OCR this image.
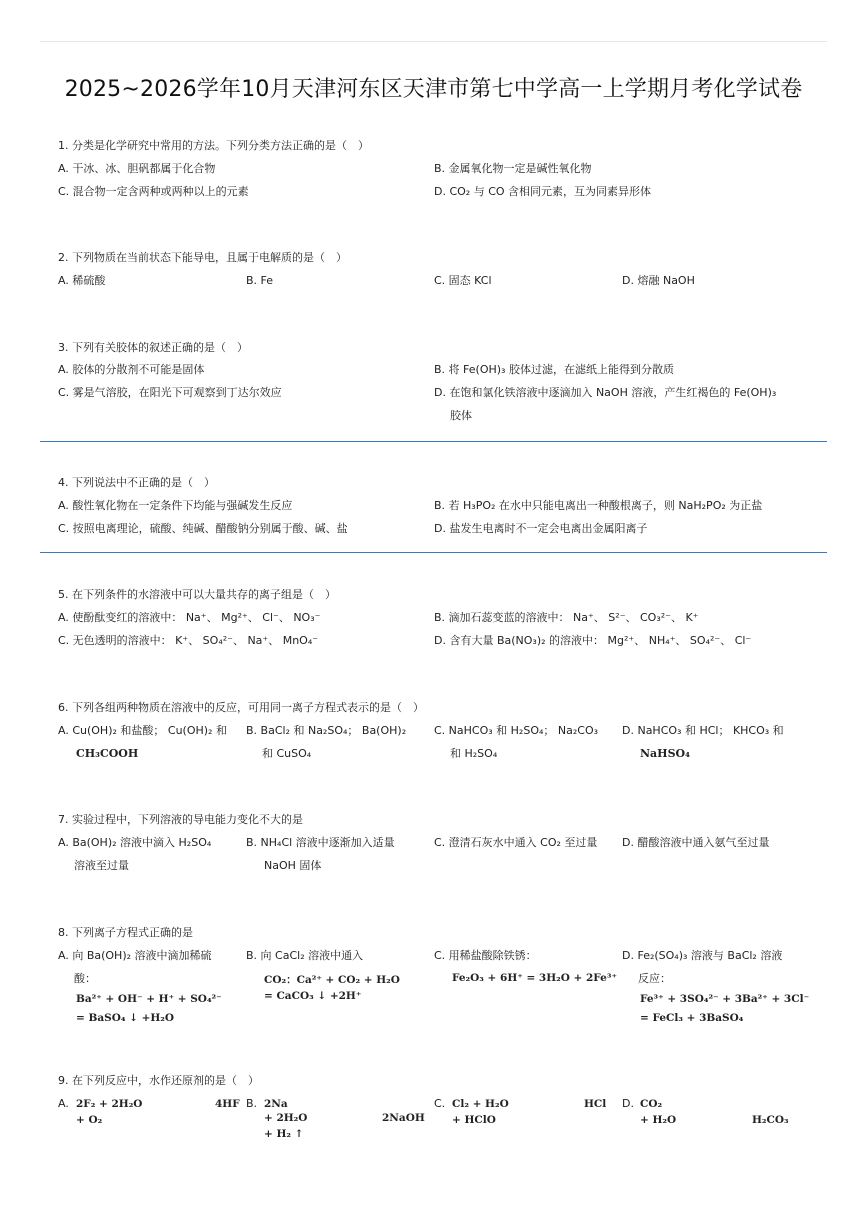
2025~2026学年10月天津河东区天津市第七中学高一上学期月考化学试卷
1. 分类是化学研究中常用的方法。下列分类方法正确的是（　）
A. 干冰、冰、胆矾都属于化合物	B. 金属氧化物一定是碱性氧化物
C. 混合物一定含两种或两种以上的元素	D. CO₂ 与 CO 含相同元素，互为同素异形体
2. 下列物质在当前状态下能导电，且属于电解质的是（　）
A. 稀硫酸	B. Fe	C. 固态 KCl	D. 熔融 NaOH
3. 下列有关胶体的叙述正确的是（　）
A. 胶体的分散剂不可能是固体	B. 将 Fe(OH)₃ 胶体过滤，在滤纸上能得到分散质
C. 雾是气溶胶，在阳光下可观察到丁达尔效应	D. 在饱和氯化铁溶液中逐滴加入 NaOH 溶液，产生红褐色的 Fe(OH)₃
胶体
4. 下列说法中不正确的是（　）
A. 酸性氧化物在一定条件下均能与强碱发生反应	B. 若 H₃PO₂ 在水中只能电离出一种酸根离子，则 NaH₂PO₂ 为正盐
C. 按照电离理论，硫酸、纯碱、醋酸钠分别属于酸、碱、盐	D. 盐发生电离时不一定会电离出金属阳离子
5. 在下列条件的水溶液中可以大量共存的离子组是（　）
A. 使酚酞变红的溶液中： Na⁺、 Mg²⁺、 Cl⁻、 NO₃⁻	B. 滴加石蕊变蓝的溶液中： Na⁺、 S²⁻、 CO₃²⁻、 K⁺
C. 无色透明的溶液中： K⁺、 SO₄²⁻、 Na⁺、 MnO₄⁻	D. 含有大量 Ba(NO₃)₂ 的溶液中： Mg²⁺、 NH₄⁺、 SO₄²⁻、 Cl⁻
6. 下列各组两种物质在溶液中的反应，可用同一离子方程式表示的是（　）
A. Cu(OH)₂ 和盐酸； Cu(OH)₂ 和
CH₃COOH
B. BaCl₂ 和 Na₂SO₄； Ba(OH)₂
和 CuSO₄
C. NaHCO₃ 和 H₂SO₄； Na₂CO₃
和 H₂SO₄
D. NaHCO₃ 和 HCl； KHCO₃ 和
NaHSO₄
7. 实验过程中，下列溶液的导电能力变化不大的是
A. Ba(OH)₂ 溶液中滴入 H₂SO₄
溶液至过量
B. NH₄Cl 溶液中逐渐加入适量
NaOH 固体
C. 澄清石灰水中通入 CO₂ 至过量 D. 醋酸溶液中通入氨气至过量
8. 下列离子方程式正确的是
A. 向 Ba(OH)₂ 溶液中滴加稀硫
酸：
Ba²⁺ + OH⁻ + H⁺ + SO₄²⁻
= BaSO₄ ↓ +H₂O
B. 向 CaCl₂ 溶液中通入
CO₂：Ca²⁺ + CO₂ + H₂O
= CaCO₃ ↓ +2H⁺
C. 用稀盐酸除铁锈：
Fe₂O₃ + 6H⁺ = 3H₂O + 2Fe³⁺
D. Fe₂(SO₄)₃ 溶液与 BaCl₂ 溶液
反应：
Fe³⁺ + 3SO₄²⁻ + 3Ba²⁺ + 3Cl⁻
= FeCl₃ + 3BaSO₄
9. 在下列反应中，水作还原剂的是（　）
A. 2F₂ + 2H₂O	4HF
+ O₂
B. 2Na
+ 2H₂O	2NaOH
+ H₂ ↑
C. Cl₂ + H₂O	HCl
+ HClO
D. CO₂
+ H₂O	H₂CO₃
